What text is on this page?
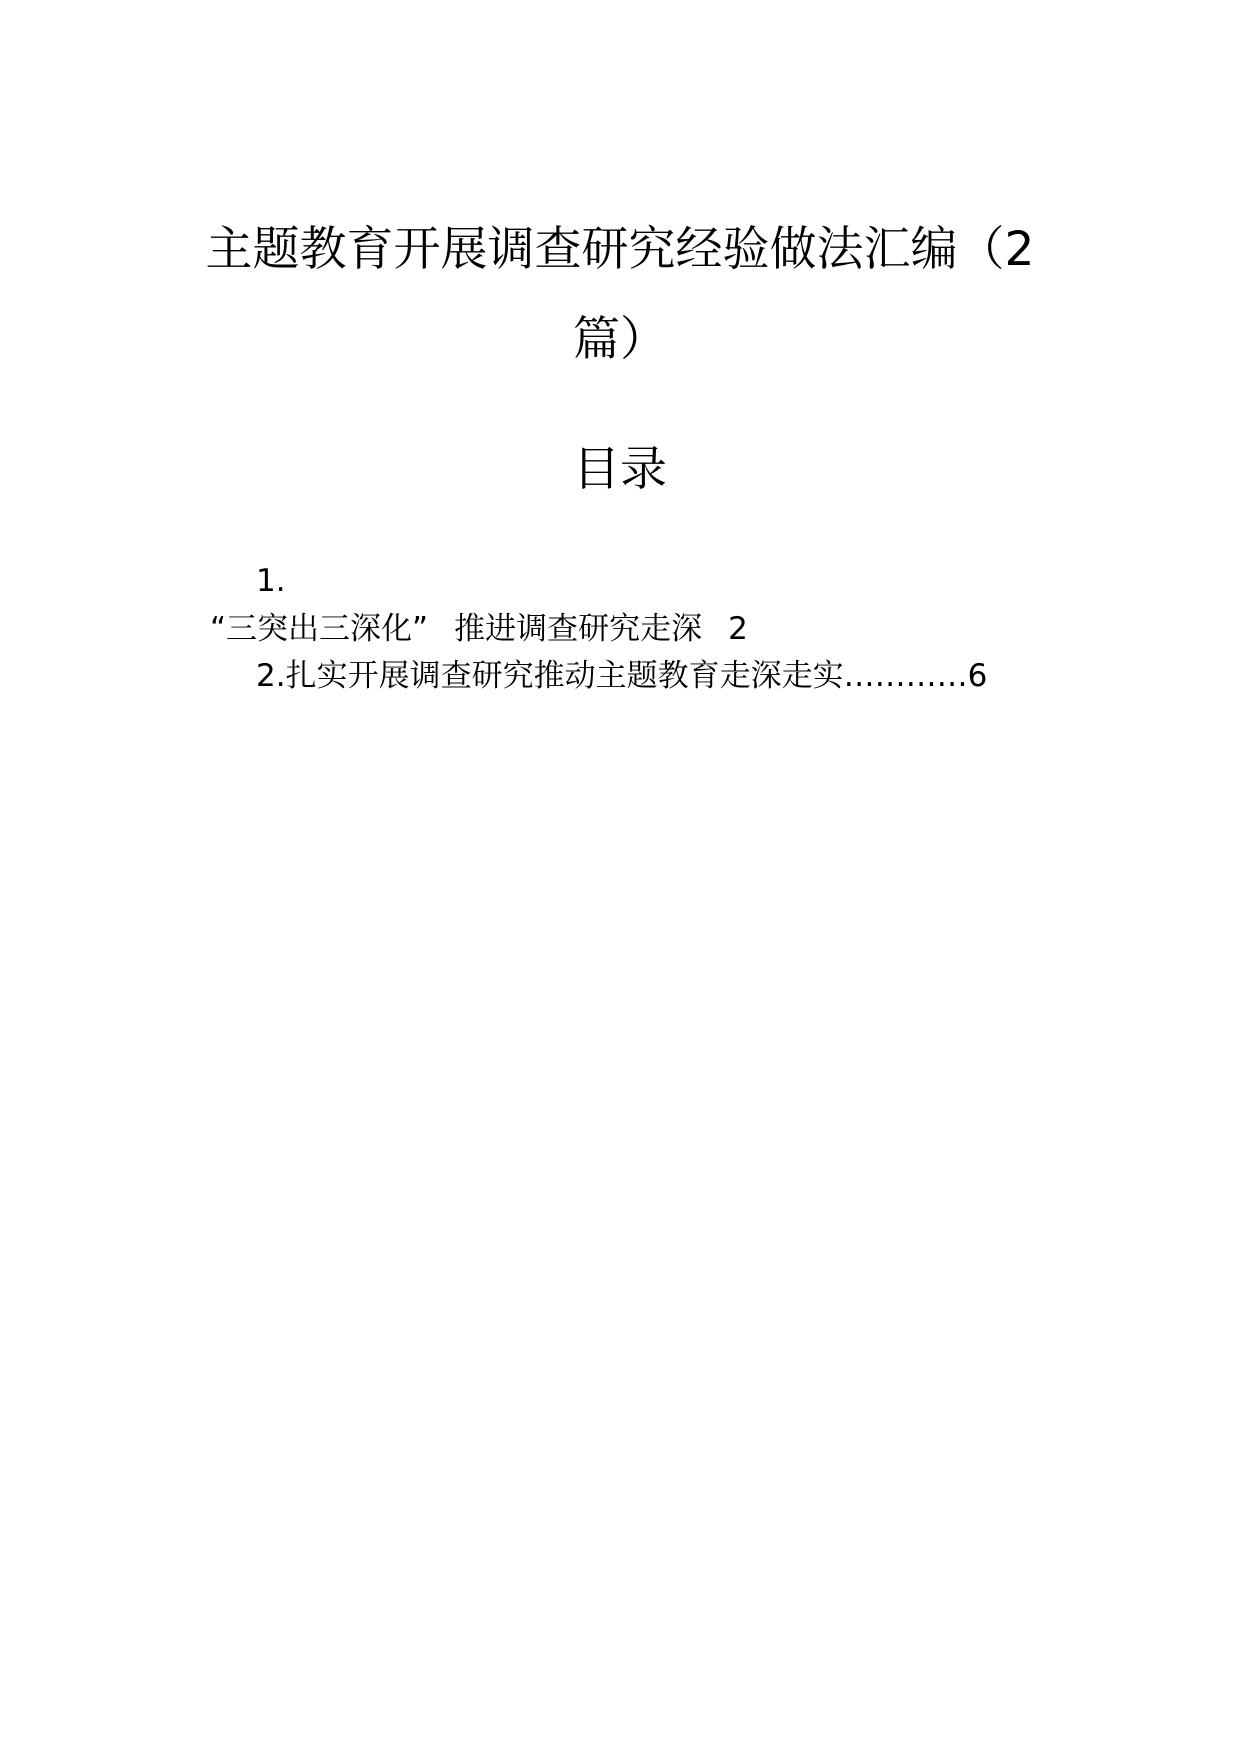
主题教育开展调查研究经验做法汇编（2篇）
目录
1.
“三突出三深化” 推进调查研究走深 2
2.扎实开展调查研究推动主题教育走深走实…………6
